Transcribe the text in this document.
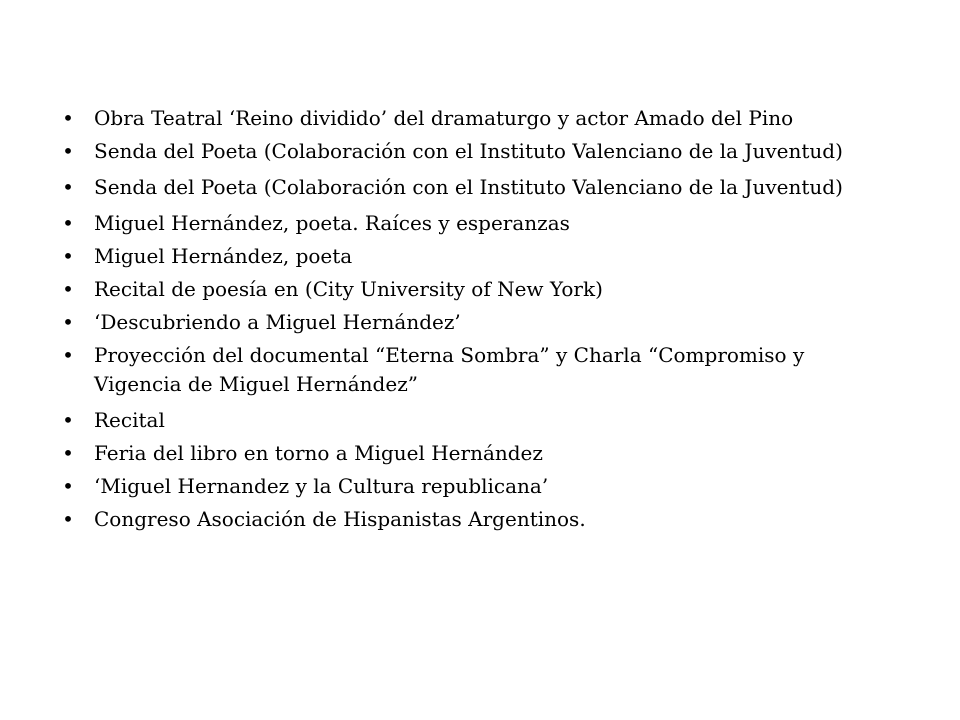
• Obra Teatral ‘Reino dividido’ del dramaturgo y actor Amado del Pino
• Senda del Poeta (Colaboración con el Instituto Valenciano de la Juventud)
• Senda del Poeta (Colaboración con el Instituto Valenciano de la Juventud)
• Miguel Hernández, poeta. Raíces y esperanzas
• Miguel Hernández, poeta
• Recital de poesía en (City University of New York)
• ‘Descubriendo a Miguel Hernández’
• Proyección del documental “Eterna Sombra” y Charla “Compromiso y Vigencia de Miguel Hernández”
• Recital
• Feria del libro en torno a Miguel Hernández
• ‘Miguel Hernandez y la Cultura republicana’
• Congreso Asociación de Hispanistas Argentinos.
